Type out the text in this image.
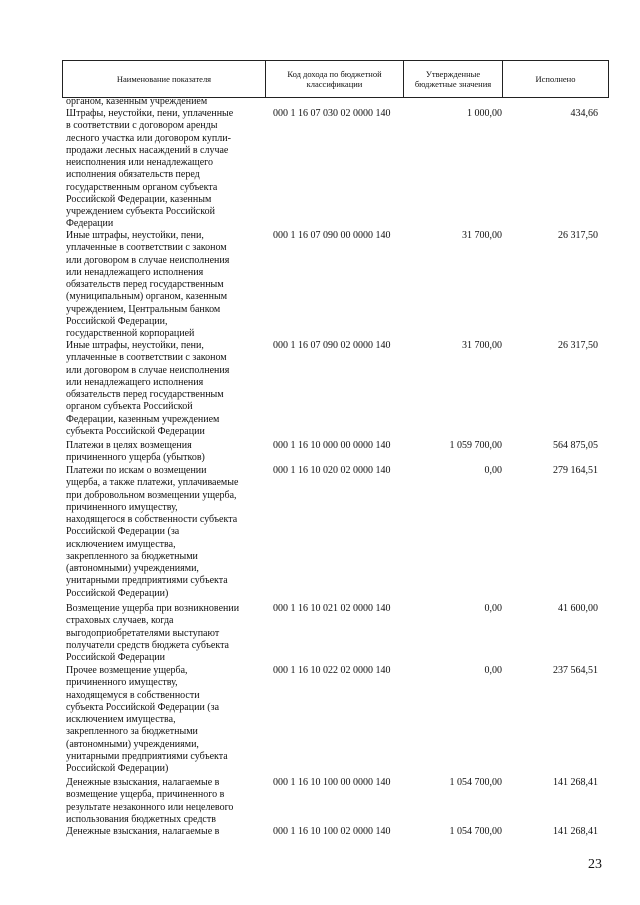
Наименование показателя	Код дохода по бюджетной классификации	Утвержденные бюджетные значения	Исполнено
органом, казенным учреждением
Штрафы, неустойки, пени, уплаченные
в соответствии с договором аренды
лесного участка или договором купли-
продажи лесных насаждений в случае
неисполнения или ненадлежащего
исполнения обязательств перед
государственным органом субъекта
Российской Федерации, казенным
учреждением субъекта Российской
Федерации
000 1 16 07 030 02 0000 140	1 000,00	434,66
Иные штрафы, неустойки, пени,
уплаченные в соответствии с законом
или договором в случае неисполнения
или ненадлежащего исполнения
обязательств перед государственным
(муниципальным) органом, казенным
учреждением, Центральным банком
Российской Федерации,
государственной корпорацией
000 1 16 07 090 00 0000 140	31 700,00	26 317,50
Иные штрафы, неустойки, пени,
уплаченные в соответствии с законом
или договором в случае неисполнения
или ненадлежащего исполнения
обязательств перед государственным
органом субъекта Российской
Федерации, казенным учреждением
субъекта Российской Федерации
000 1 16 07 090 02 0000 140	31 700,00	26 317,50
Платежи в целях возмещения
причиненного ущерба (убытков)
000 1 16 10 000 00 0000 140	1 059 700,00	564 875,05
Платежи по искам о возмещении
ущерба, а также платежи, уплачиваемые
при добровольном возмещении ущерба,
причиненного имуществу,
находящегося в собственности субъекта
Российской Федерации (за
исключением имущества,
закрепленного за бюджетными
(автономными) учреждениями,
унитарными предприятиями субъекта
Российской Федерации)
000 1 16 10 020 02 0000 140	0,00	279 164,51
Возмещение ущерба при возникновении
страховых случаев, когда
выгодоприобретателями выступают
получатели средств бюджета субъекта
Российской Федерации
000 1 16 10 021 02 0000 140	0,00	41 600,00
Прочее возмещение ущерба,
причиненного имуществу,
находящемуся в собственности
субъекта Российской Федерации (за
исключением имущества,
закрепленного за бюджетными
(автономными) учреждениями,
унитарными предприятиями субъекта
Российской Федерации)
000 1 16 10 022 02 0000 140	0,00	237 564,51
Денежные взыскания, налагаемые в
возмещение ущерба, причиненного в
результате незаконного или нецелевого
использования бюджетных средств
000 1 16 10 100 00 0000 140	1 054 700,00	141 268,41
Денежные взыскания, налагаемые в	000 1 16 10 100 02 0000 140	1 054 700,00	141 268,41
23
